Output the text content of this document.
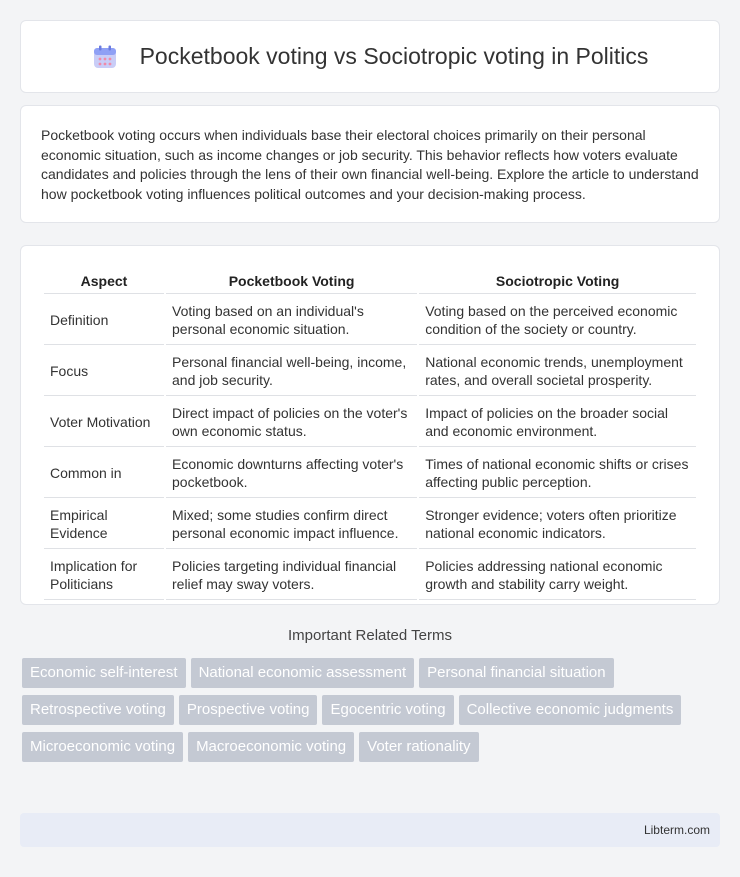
Pocketbook voting vs Sociotropic voting in Politics

Pocketbook voting occurs when individuals base their electoral choices primarily on their personal economic situation, such as income changes or job security. This behavior reflects how voters evaluate candidates and policies through the lens of their own financial well-being. Explore the article to understand how pocketbook voting influences political outcomes and your decision-making process.

Aspect	Pocketbook Voting	Sociotropic Voting
Definition	Voting based on an individual's personal economic situation.	Voting based on the perceived economic condition of the society or country.
Focus	Personal financial well-being, income, and job security.	National economic trends, unemployment rates, and overall societal prosperity.
Voter Motivation	Direct impact of policies on the voter's own economic status.	Impact of policies on the broader social and economic environment.
Common in	Economic downturns affecting voter's pocketbook.	Times of national economic shifts or crises affecting public perception.
Empirical Evidence	Mixed; some studies confirm direct personal economic impact influence.	Stronger evidence; voters often prioritize national economic indicators.
Implication for Politicians	Policies targeting individual financial relief may sway voters.	Policies addressing national economic growth and stability carry weight.
Important Related Terms
Economic self-interest	National economic assessment	Personal financial situation
Retrospective voting	Prospective voting	Egocentric voting	Collective economic judgments
Microeconomic voting	Macroeconomic voting	Voter rationality
Libterm.com
